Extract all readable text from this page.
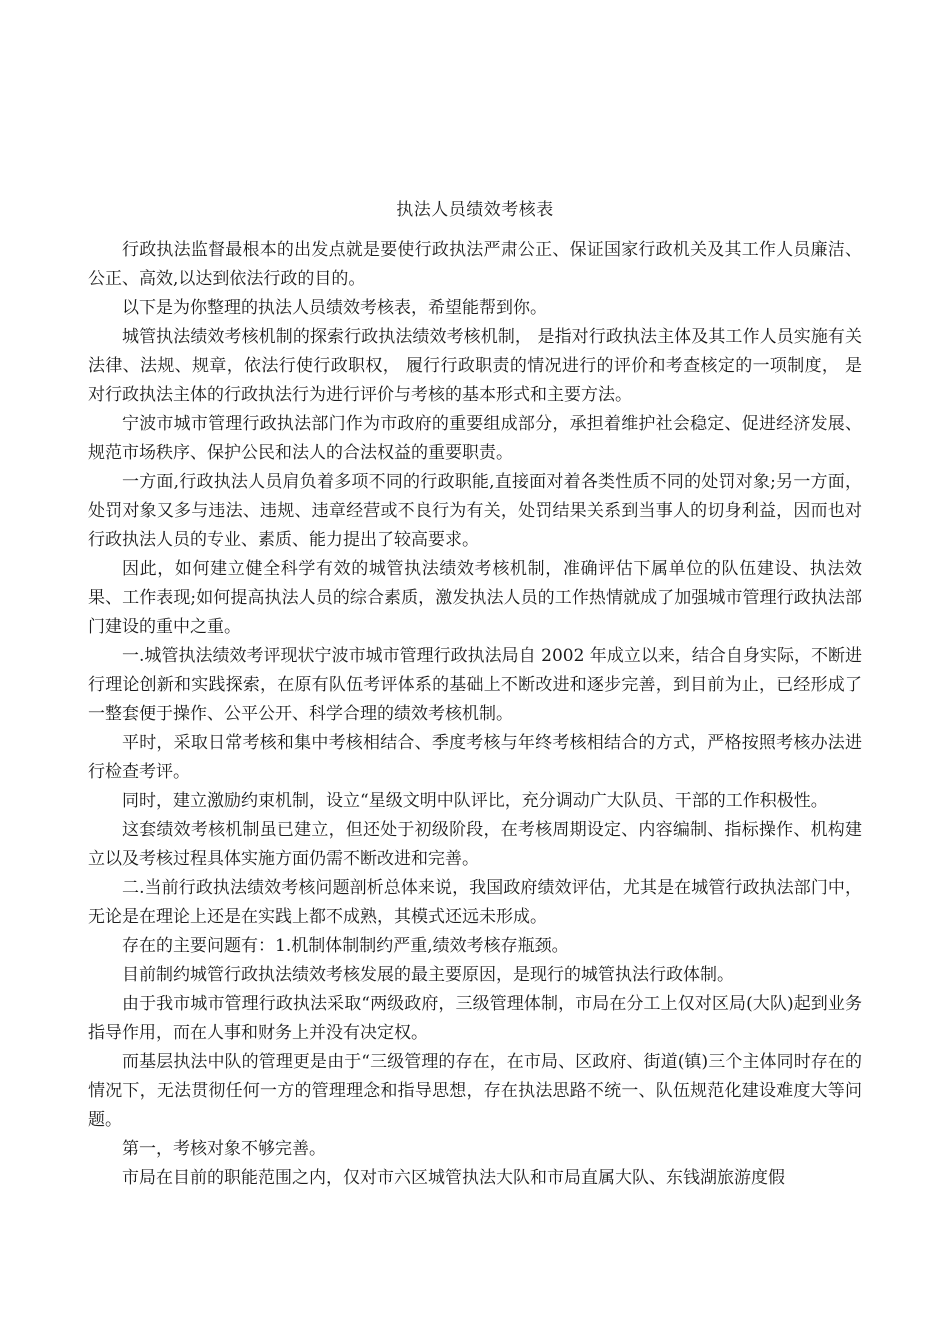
执法人员绩效考核表

行政执法监督最根本的出发点就是要使行政执法严肃公正、保证国家行政机关及其工作人员廉洁、公正、高效,以达到依法行政的目的。

以下是为你整理的执法人员绩效考核表，希望能帮到你。

城管执法绩效考核机制的探索行政执法绩效考核机制， 是指对行政执法主体及其工作人员实施有关法律、法规、规章，依法行使行政职权， 履行行政职责的情况进行的评价和考查核定的一项制度， 是对行政执法主体的行政执法行为进行评价与考核的基本形式和主要方法。

宁波市城市管理行政执法部门作为市政府的重要组成部分，承担着维护社会稳定、促进经济发展、规范市场秩序、保护公民和法人的合法权益的重要职责。

一方面,行政执法人员肩负着多项不同的行政职能,直接面对着各类性质不同的处罚对象;另一方面，处罚对象又多与违法、违规、违章经营或不良行为有关，处罚结果关系到当事人的切身利益，因而也对行政执法人员的专业、素质、能力提出了较高要求。

因此，如何建立健全科学有效的城管执法绩效考核机制，准确评估下属单位的队伍建设、执法效果、工作表现;如何提高执法人员的综合素质，激发执法人员的工作热情就成了加强城市管理行政执法部门建设的重中之重。

一.城管执法绩效考评现状宁波市城市管理行政执法局自 2002 年成立以来，结合自身实际，不断进行理论创新和实践探索，在原有队伍考评体系的基础上不断改进和逐步完善，到目前为止，已经形成了一整套便于操作、公平公开、科学合理的绩效考核机制。

平时，采取日常考核和集中考核相结合、季度考核与年终考核相结合的方式，严格按照考核办法进行检查考评。

同时，建立激励约束机制，设立“星级文明中队评比，充分调动广大队员、干部的工作积极性。

这套绩效考核机制虽已建立，但还处于初级阶段，在考核周期设定、内容编制、指标操作、机构建立以及考核过程具体实施方面仍需不断改进和完善。

二.当前行政执法绩效考核问题剖析总体来说，我国政府绩效评估，尤其是在城管行政执法部门中，无论是在理论上还是在实践上都不成熟，其模式还远未形成。

存在的主要问题有：1.机制体制制约严重,绩效考核存瓶颈。

目前制约城管行政执法绩效考核发展的最主要原因，是现行的城管执法行政体制。

由于我市城市管理行政执法采取“两级政府，三级管理体制，市局在分工上仅对区局(大队)起到业务指导作用，而在人事和财务上并没有决定权。

而基层执法中队的管理更是由于“三级管理的存在，在市局、区政府、街道(镇)三个主体同时存在的情况下，无法贯彻任何一方的管理理念和指导思想，存在执法思路不统一、队伍规范化建设难度大等问题。

第一，考核对象不够完善。

市局在目前的职能范围之内，仅对市六区城管执法大队和市局直属大队、东钱湖旅游度假
